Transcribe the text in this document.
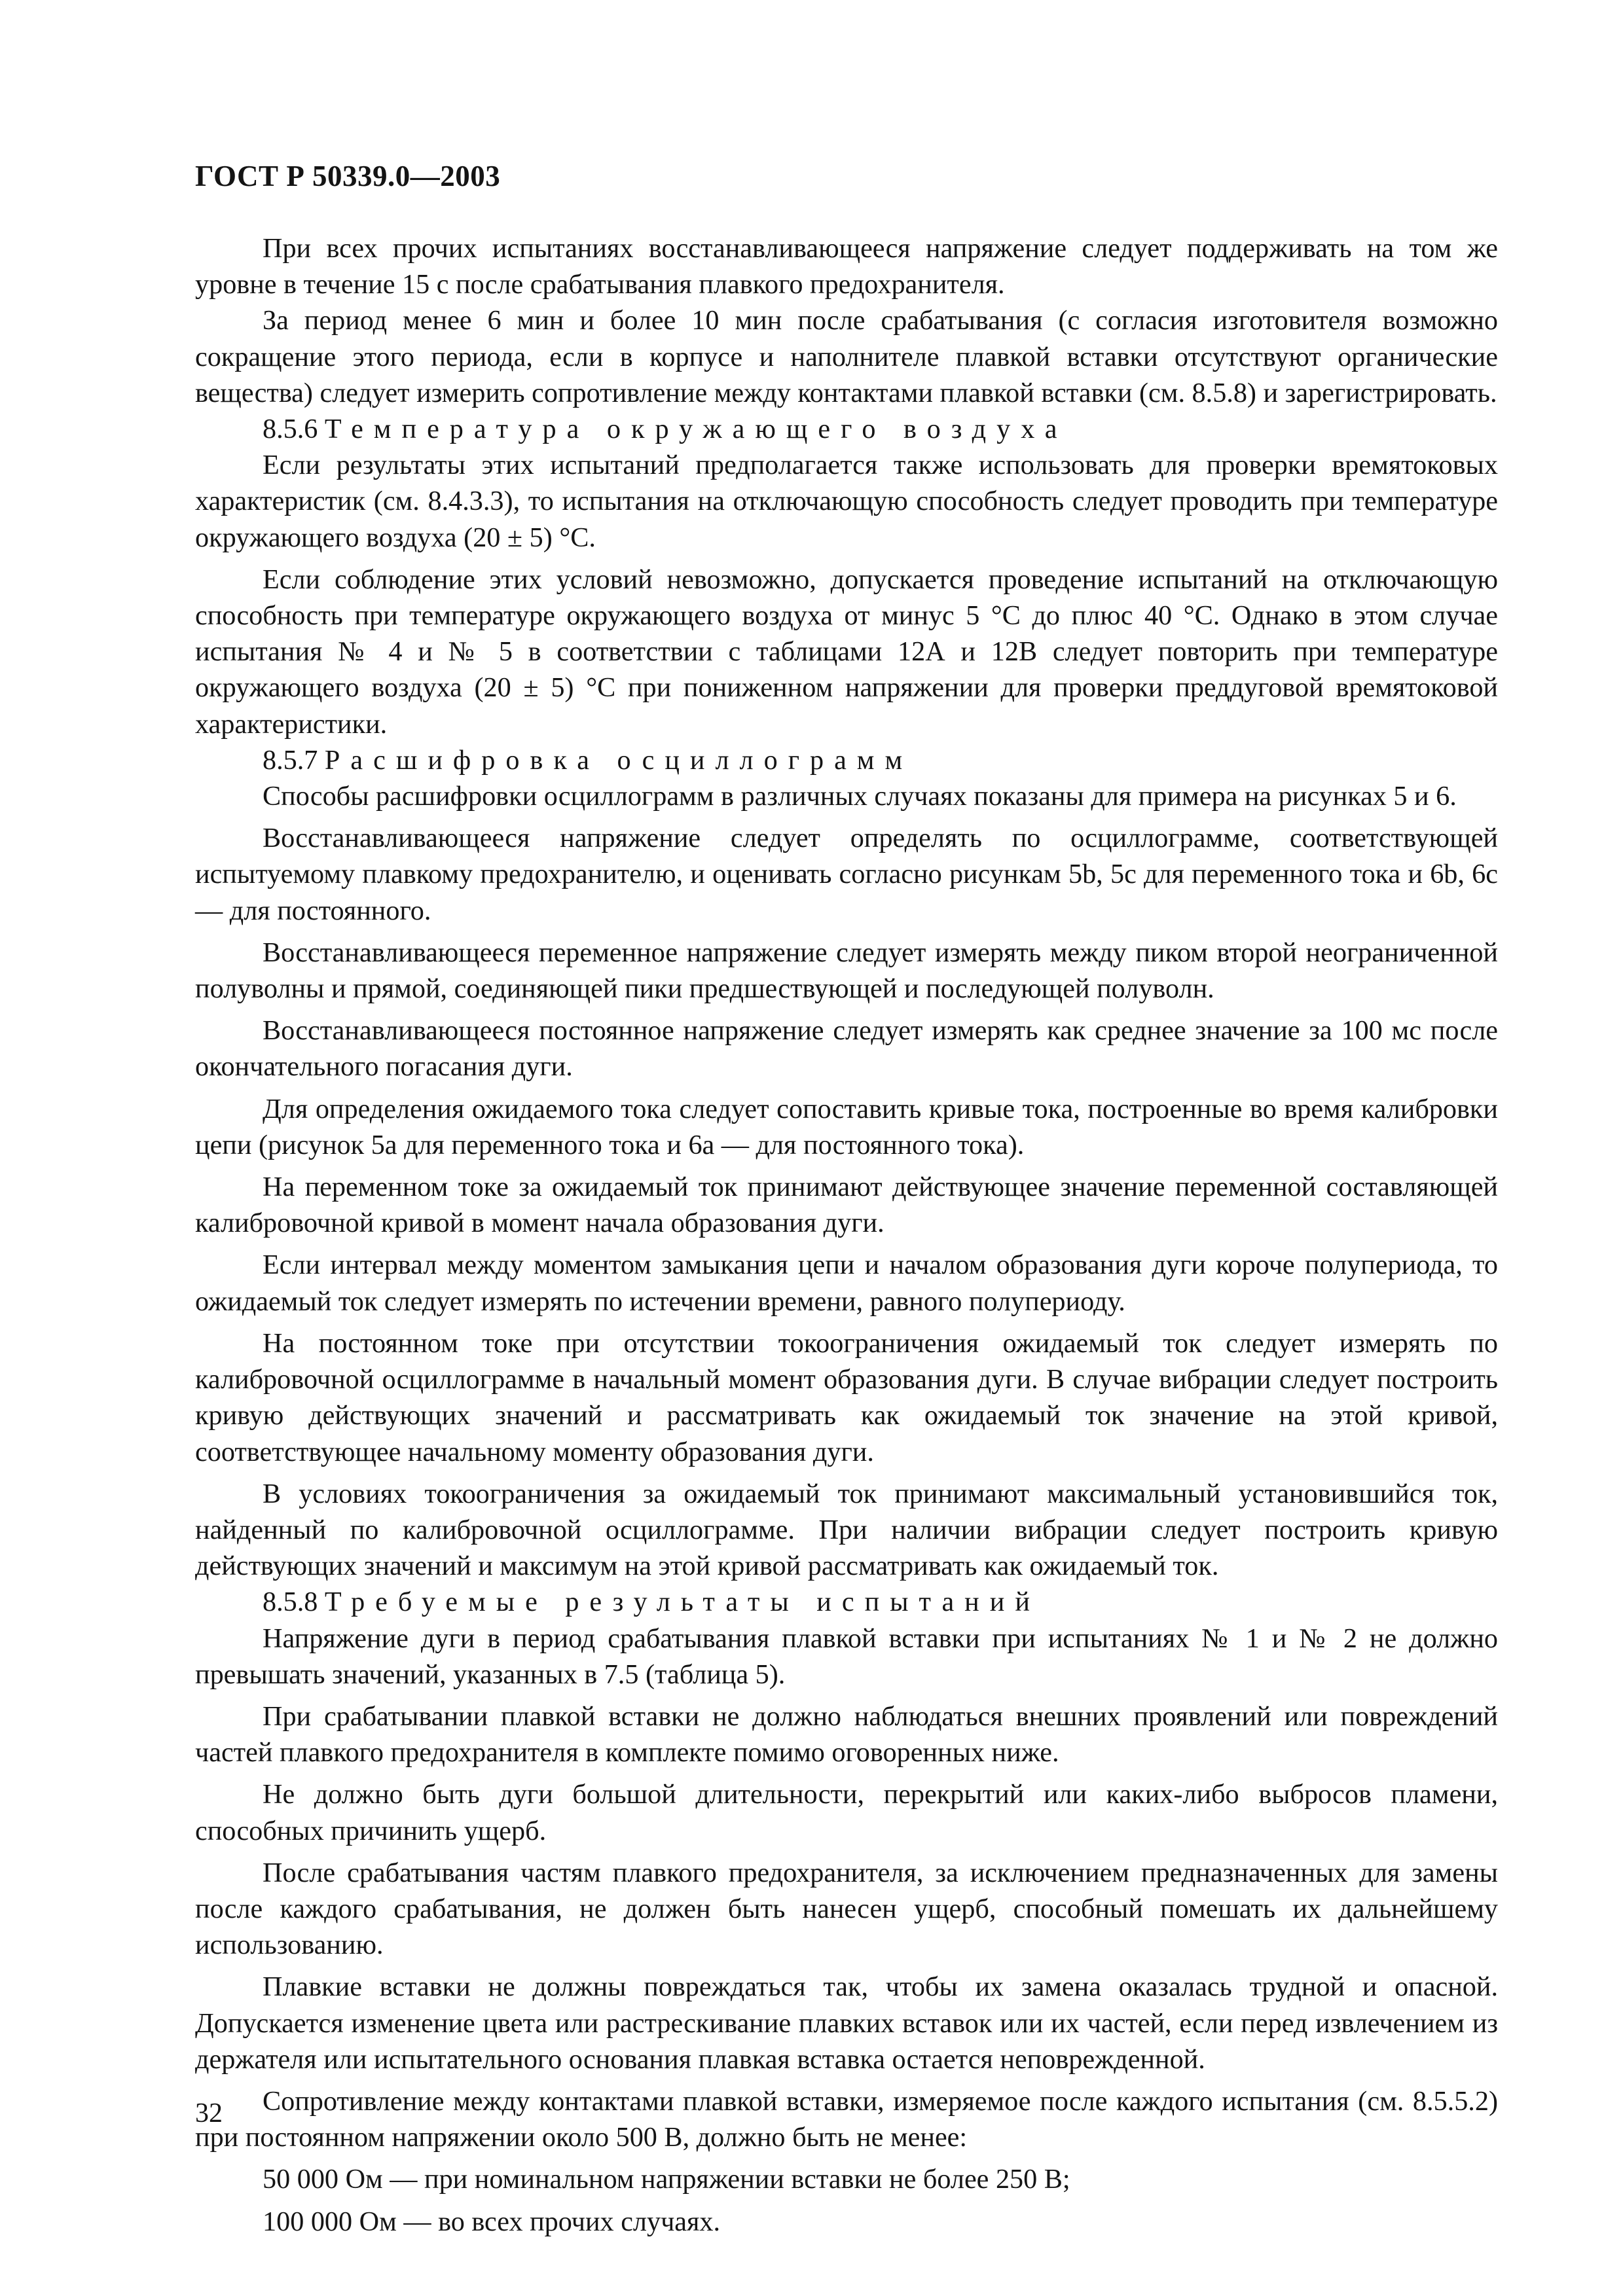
ГОСТ Р 50339.0—2003

При всех прочих испытаниях восстанавливающееся напряжение следует поддерживать на том же уровне в течение 15 с после срабатывания плавкого предохранителя.

За период менее 6 мин и более 10 мин после срабатывания (с согласия изготовителя возможно сокращение этого периода, если в корпусе и наполнителе плавкой вставки отсутствуют органические вещества) следует измерить сопротивление между контактами плавкой вставки (см. 8.5.8) и зарегистрировать.

8.5.6 Температура окружающего воздуха

Если результаты этих испытаний предполагается также использовать для проверки времятоковых характеристик (см. 8.4.3.3), то испытания на отключающую способность следует проводить при температуре окружающего воздуха (20 ± 5) °С.

Если соблюдение этих условий невозможно, допускается проведение испытаний на отключающую способность при температуре окружающего воздуха от минус 5 °С до плюс 40 °С. Однако в этом случае испытания № 4 и № 5 в соответствии с таблицами 12А и 12В следует повторить при температуре окружающего воздуха (20 ± 5) °С при пониженном напряжении для проверки преддуговой времятоковой характеристики.

8.5.7 Расшифровка осциллограмм

Способы расшифровки осциллограмм в различных случаях показаны для примера на рисунках 5 и 6.

Восстанавливающееся напряжение следует определять по осциллограмме, соответствующей испытуемому плавкому предохранителю, и оценивать согласно рисункам 5b, 5с для переменного тока и 6b, 6с — для постоянного.

Восстанавливающееся переменное напряжение следует измерять между пиком второй неограниченной полуволны и прямой, соединяющей пики предшествующей и последующей полуволн.

Восстанавливающееся постоянное напряжение следует измерять как среднее значение за 100 мс после окончательного погасания дуги.

Для определения ожидаемого тока следует сопоставить кривые тока, построенные во время калибровки цепи (рисунок 5а для переменного тока и 6а — для постоянного тока).

На переменном токе за ожидаемый ток принимают действующее значение переменной составляющей калибровочной кривой в момент начала образования дуги.

Если интервал между моментом замыкания цепи и началом образования дуги короче полупериода, то ожидаемый ток следует измерять по истечении времени, равного полупериоду.

На постоянном токе при отсутствии токоограничения ожидаемый ток следует измерять по калибровочной осциллограмме в начальный момент образования дуги. В случае вибрации следует построить кривую действующих значений и рассматривать как ожидаемый ток значение на этой кривой, соответствующее начальному моменту образования дуги.

В условиях токоограничения за ожидаемый ток принимают максимальный установившийся ток, найденный по калибровочной осциллограмме. При наличии вибрации следует построить кривую действующих значений и максимум на этой кривой рассматривать как ожидаемый ток.

8.5.8 Требуемые результаты испытаний

Напряжение дуги в период срабатывания плавкой вставки при испытаниях № 1 и № 2 не должно превышать значений, указанных в 7.5 (таблица 5).

При срабатывании плавкой вставки не должно наблюдаться внешних проявлений или повреждений частей плавкого предохранителя в комплекте помимо оговоренных ниже.

Не должно быть дуги большой длительности, перекрытий или каких-либо выбросов пламени, способных причинить ущерб.

После срабатывания частям плавкого предохранителя, за исключением предназначенных для замены после каждого срабатывания, не должен быть нанесен ущерб, способный помешать их дальнейшему использованию.

Плавкие вставки не должны повреждаться так, чтобы их замена оказалась трудной и опасной. Допускается изменение цвета или растрескивание плавких вставок или их частей, если перед извлечением из держателя или испытательного основания плавкая вставка остается неповрежденной.

Сопротивление между контактами плавкой вставки, измеряемое после каждого испытания (см. 8.5.5.2) при постоянном напряжении около 500 В, должно быть не менее:

50 000 Ом — при номинальном напряжении вставки не более 250 В;

100 000 Ом — во всех прочих случаях.

32
